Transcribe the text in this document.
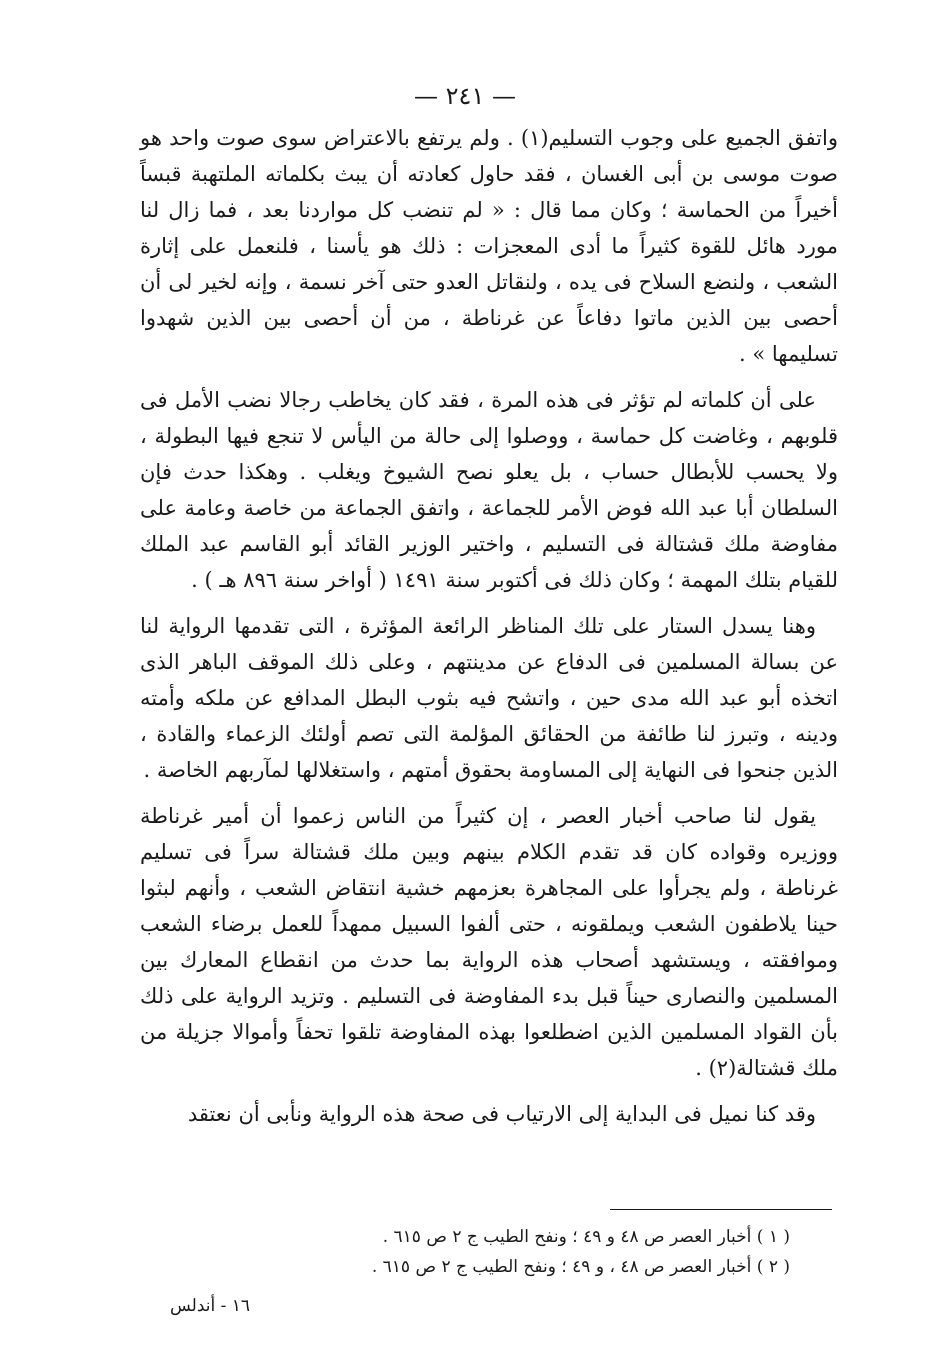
— ٢٤١ —

واتفق الجميع على وجوب التسليم(١) . ولم يرتفع بالاعتراض سوى صوت واحد هو صوت موسى بن أبى الغسان ، فقد حاول كعادته أن يبث بكلماته الملتهبة قبساً أخيراً من الحماسة ؛ وكان مما قال : « لم تنضب كل مواردنا بعد ، فما زال لنا مورد هائل للقوة كثيراً ما أدى المعجزات : ذلك هو يأسنا ، فلنعمل على إثارة الشعب ، ولنضع السلاح فى يده ، ولنقاتل العدو حتى آخر نسمة ، وإنه لخير لى أن أحصى بين الذين ماتوا دفاعاً عن غرناطة ، من أن أحصى بين الذين شهدوا تسليمها » .

على أن كلماته لم تؤثر فى هذه المرة ، فقد كان يخاطب رجالا نضب الأمل فى قلوبهم ، وغاضت كل حماسة ، ووصلوا إلى حالة من اليأس لا تنجع فيها البطولة ، ولا يحسب للأبطال حساب ، بل يعلو نصح الشيوخ ويغلب . وهكذا حدث فإن السلطان أبا عبد الله فوض الأمر للجماعة ، واتفق الجماعة من خاصة وعامة على مفاوضة ملك قشتالة فى التسليم ، واختير الوزير القائد أبو القاسم عبد الملك للقيام بتلك المهمة ؛ وكان ذلك فى أكتوبر سنة ١٤٩١ ( أواخر سنة ٨٩٦ هـ ) .

وهنا يسدل الستار على تلك المناظر الرائعة المؤثرة ، التى تقدمها الرواية لنا عن بسالة المسلمين فى الدفاع عن مدينتهم ، وعلى ذلك الموقف الباهر الذى اتخذه أبو عبد الله مدى حين ، واتشح فيه بثوب البطل المدافع عن ملكه وأمته ودينه ، وتبرز لنا طائفة من الحقائق المؤلمة التى تصم أولئك الزعماء والقادة ، الذين جنحوا فى النهاية إلى المساومة بحقوق أمتهم ، واستغلالها لمآربهم الخاصة .

يقول لنا صاحب أخبار العصر ، إن كثيراً من الناس زعموا أن أمير غرناطة ووزيره وقواده كان قد تقدم الكلام بينهم وبين ملك قشتالة سراً فى تسليم غرناطة ، ولم يجرأوا على المجاهرة بعزمهم خشية انتقاض الشعب ، وأنهم لبثوا حينا يلاطفون الشعب ويملقونه ، حتى ألفوا السبيل ممهداً للعمل برضاء الشعب وموافقته ، ويستشهد أصحاب هذه الرواية بما حدث من انقطاع المعارك بين المسلمين والنصارى حيناً قبل بدء المفاوضة فى التسليم . وتزيد الرواية على ذلك بأن القواد المسلمين الذين اضطلعوا بهذه المفاوضة تلقوا تحفاً وأموالا جزيلة من ملك قشتالة(٢) .

وقد كنا نميل فى البداية إلى الارتياب فى صحة هذه الرواية ونأبى أن نعتقد

( ١ ) أخبار العصر ص ٤٨ و ٤٩ ؛ ونفح الطيب ج ٢ ص ٦١٥ .
( ٢ ) أخبار العصر ص ٤٨ ، و ٤٩ ؛ ونفح الطيب ج ٢ ص ٦١٥ .
١٦ - أندلس
